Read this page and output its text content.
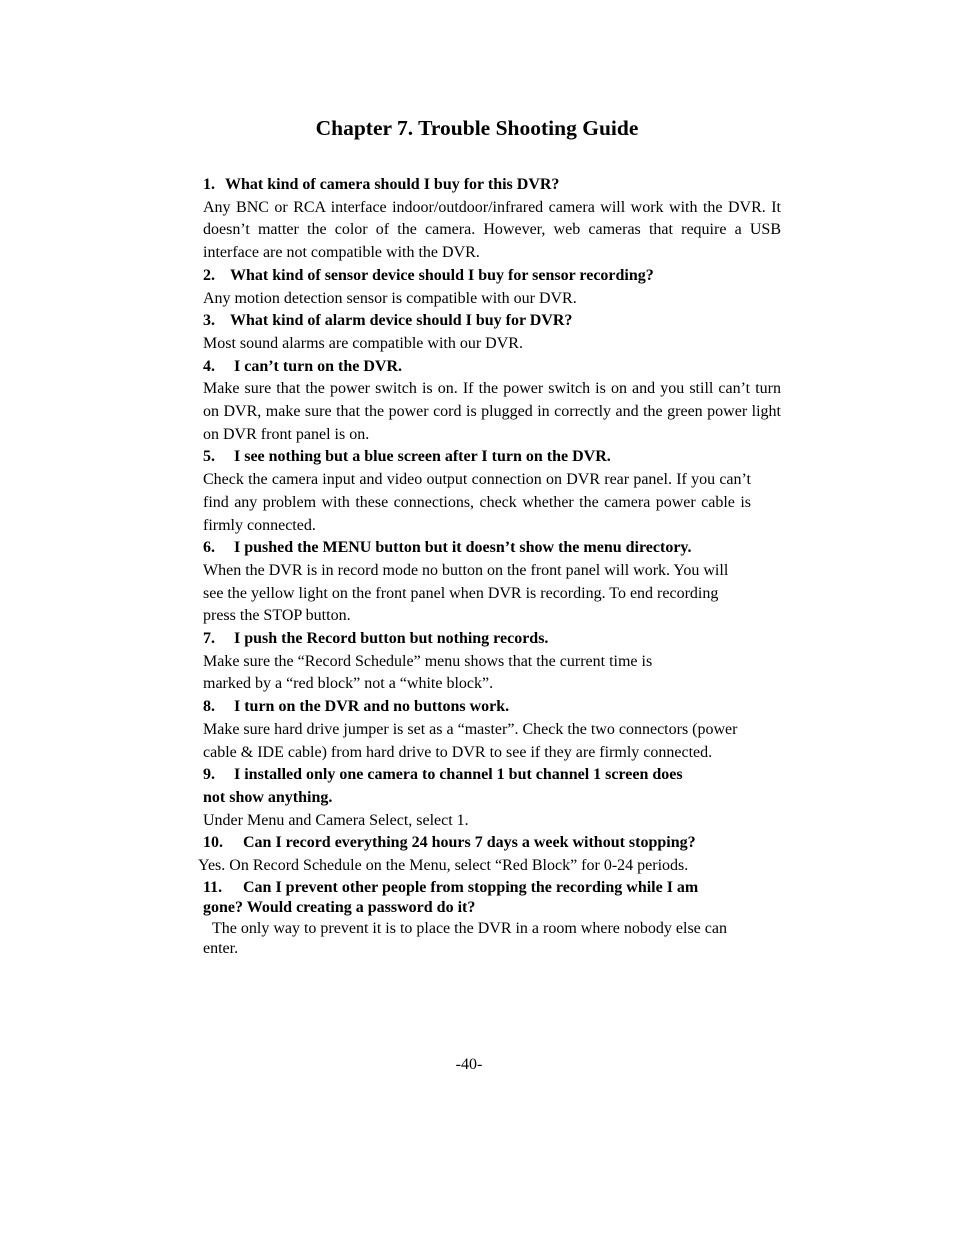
Chapter 7. Trouble Shooting Guide
1. What kind of camera should I buy for this DVR?
Any BNC or RCA interface indoor/outdoor/infrared camera will work with the DVR. It doesn’t matter the color of the camera. However, web cameras that require a USB interface are not compatible with the DVR.
2. What kind of sensor device should I buy for sensor recording?
Any motion detection sensor is compatible with our DVR.
3. What kind of alarm device should I buy for DVR?
Most sound alarms are compatible with our DVR.
4.	I can’t turn on the DVR.
Make sure that the power switch is on. If the power switch is on and you still can’t turn on DVR, make sure that the power cord is plugged in correctly and the green power light on DVR front panel is on.
5.	I see nothing but a blue screen after I turn on the DVR.
Check the camera input and video output connection on DVR rear panel. If you can’t find any problem with these connections, check whether the camera power cable is firmly connected.
6.	I pushed the MENU button but it doesn’t show the menu directory.
When the DVR is in record mode no button on the front panel will work. You will see the yellow light on the front panel when DVR is recording. To end recording press the STOP button.
7.	I push the Record button but nothing records.
Make sure the “Record Schedule” menu shows that the current time is
marked by a “red block” not a “white block”.
8.	I turn on the DVR and no buttons work.
Make sure hard drive jumper is set as a “master”. Check the two connectors (power cable & IDE cable) from hard drive to DVR to see if they are firmly connected.
9.	I installed only one camera to channel 1 but channel 1 screen does
not show anything.
Under Menu and Camera Select, select 1.
10.	Can I record everything 24 hours 7 days a week without stopping?
Yes. On Record Schedule on the Menu, select “Red Block” for 0-24 periods.
11.	Can I prevent other people from stopping the recording while I am
gone? Would creating a password do it?
The only way to prevent it is to place the DVR in a room where nobody else can enter.
-40-
